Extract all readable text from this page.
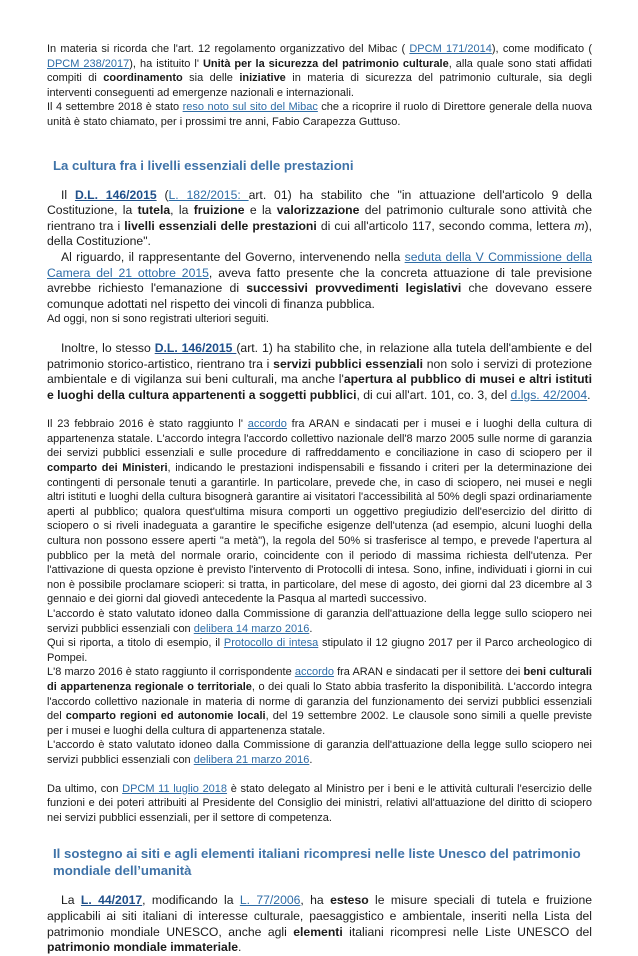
In materia si ricorda che l'art. 12 regolamento organizzativo del Mibac ( DPCM 171/2014), come modificato ( DPCM 238/2017), ha istituito l' Unità per la sicurezza del patrimonio culturale, alla quale sono stati affidati compiti di coordinamento sia delle iniziative in materia di sicurezza del patrimonio culturale, sia degli interventi conseguenti ad emergenze nazionali e internazionali.

Il 4 settembre 2018 è stato reso noto sul sito del Mibac che a ricoprire il ruolo di Direttore generale della nuova unità è stato chiamato, per i prossimi tre anni, Fabio Carapezza Guttuso.

La cultura fra i livelli essenziali delle prestazioni

Il D.L. 146/2015 (L. 182/2015: art. 01) ha stabilito che "in attuazione dell'articolo 9 della Costituzione, la tutela, la fruizione e la valorizzazione del patrimonio culturale sono attività che rientrano tra i livelli essenziali delle prestazioni di cui all'articolo 117, secondo comma, lettera m), della Costituzione".

Al riguardo, il rappresentante del Governo, intervenendo nella seduta della V Commissione della Camera del 21 ottobre 2015, aveva fatto presente che la concreta attuazione di tale previsione avrebbe richiesto l'emanazione di successivi provvedimenti legislativi che dovevano essere comunque adottati nel rispetto dei vincoli di finanza pubblica.

Ad oggi, non si sono registrati ulteriori seguiti.

Inoltre, lo stesso D.L. 146/2015 (art. 1) ha stabilito che, in relazione alla tutela dell'ambiente e del patrimonio storico-artistico, rientrano tra i servizi pubblici essenziali non solo i servizi di protezione ambientale e di vigilanza sui beni culturali, ma anche l'apertura al pubblico di musei e altri istituti e luoghi della cultura appartenenti a soggetti pubblici, di cui all'art. 101, co. 3, del d.lgs. 42/2004.

Il 23 febbraio 2016 è stato raggiunto l' accordo fra ARAN e sindacati per i musei e i luoghi della cultura di appartenenza statale. L'accordo integra l'accordo collettivo nazionale dell'8 marzo 2005 sulle norme di garanzia dei servizi pubblici essenziali e sulle procedure di raffreddamento e conciliazione in caso di sciopero per il comparto dei Ministeri, indicando le prestazioni indispensabili e fissando i criteri per la determinazione dei contingenti di personale tenuti a garantirle. In particolare, prevede che, in caso di sciopero, nei musei e negli altri istituti e luoghi della cultura bisognerà garantire ai visitatori l'accessibilità al 50% degli spazi ordinariamente aperti al pubblico; qualora quest'ultima misura comporti un oggettivo pregiudizio dell'esercizio del diritto di sciopero o si riveli inadeguata a garantire le specifiche esigenze dell'utenza (ad esempio, alcuni luoghi della cultura non possono essere aperti "a metà"), la regola del 50% si trasferisce al tempo, e prevede l'apertura al pubblico per la metà del normale orario, coincidente con il periodo di massima richiesta dell'utenza. Per l'attivazione di questa opzione è previsto l'intervento di Protocolli di intesa. Sono, infine, individuati i giorni in cui non è possibile proclamare scioperi: si tratta, in particolare, del mese di agosto, dei giorni dal 23 dicembre al 3 gennaio e dei giorni dal giovedì antecedente la Pasqua al martedì successivo.

L'accordo è stato valutato idoneo dalla Commissione di garanzia dell'attuazione della legge sullo sciopero nei servizi pubblici essenziali con delibera 14 marzo 2016.

Qui si riporta, a titolo di esempio, il Protocollo di intesa stipulato il 12 giugno 2017 per il Parco archeologico di Pompei.

L'8 marzo 2016 è stato raggiunto il corrispondente accordo fra ARAN e sindacati per il settore dei beni culturali di appartenenza regionale o territoriale, o dei quali lo Stato abbia trasferito la disponibilità. L'accordo integra l'accordo collettivo nazionale in materia di norme di garanzia del funzionamento dei servizi pubblici essenziali del comparto regioni ed autonomie locali, del 19 settembre 2002. Le clausole sono simili a quelle previste per i musei e luoghi della cultura di appartenenza statale.

L'accordo è stato valutato idoneo dalla Commissione di garanzia dell'attuazione della legge sullo sciopero nei servizi pubblici essenziali con delibera 21 marzo 2016.

Da ultimo, con DPCM 11 luglio 2018 è stato delegato al Ministro per i beni e le attività culturali l'esercizio delle funzioni e dei poteri attribuiti al Presidente del Consiglio dei ministri, relativi all'attuazione del diritto di sciopero nei servizi pubblici essenziali, per il settore di competenza.

Il sostegno ai siti e agli elementi italiani ricompresi nelle liste Unesco del patrimonio mondiale dell’umanità

La L. 44/2017, modificando la L. 77/2006, ha esteso le misure speciali di tutela e fruizione applicabili ai siti italiani di interesse culturale, paesaggistico e ambientale, inseriti nella Lista del patrimonio mondiale UNESCO, anche agli elementi italiani ricompresi nelle Liste UNESCO del patrimonio mondiale immateriale.
